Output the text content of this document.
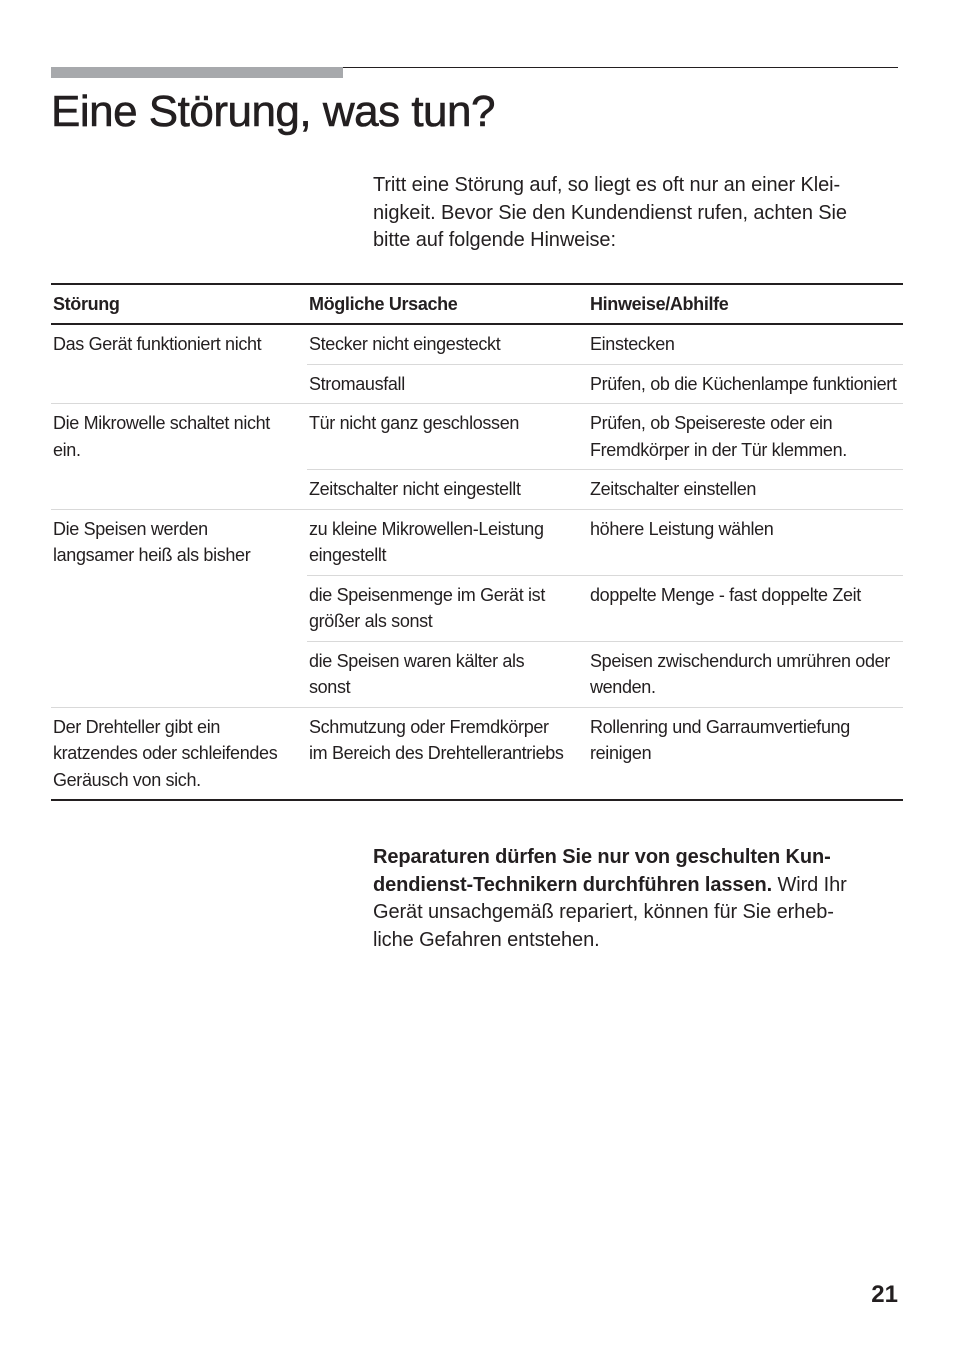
Eine Störung, was tun?

Tritt eine Störung auf, so liegt es oft nur an einer Klei-
nigkeit. Bevor Sie den Kundendienst rufen, achten Sie
bitte auf folgende Hinweise:

Störung	Mögliche Ursache	Hinweise/Abhilfe
Das Gerät funktioniert nicht	Stecker nicht eingesteckt	Einstecken
	Stromausfall	Prüfen, ob die Küchenlampe funktioniert
Die Mikrowelle schaltet nicht ein.	Tür nicht ganz geschlossen	Prüfen, ob Speisereste oder ein Fremdkörper in der Tür klemmen.
	Zeitschalter nicht eingestellt	Zeitschalter einstellen
Die Speisen werden langsamer heiß als bisher	zu kleine Mikrowellen-Leistung eingestellt	höhere Leistung wählen
	die Speisenmenge im Gerät ist größer als sonst	doppelte Menge - fast doppelte Zeit
	die Speisen waren kälter als sonst	Speisen zwischendurch umrühren oder wenden.
Der Drehteller gibt ein kratzendes oder schleifendes Geräusch von sich.	Schmutzung oder Fremdkörper im Bereich des Drehtellerantriebs	Rollenring und Garraumvertiefung reinigen

Reparaturen dürfen Sie nur von geschulten Kun-
dendienst-Technikern durchführen lassen. Wird Ihr
Gerät unsachgemäß repariert, können für Sie erheb-
liche Gefahren entstehen.

21
